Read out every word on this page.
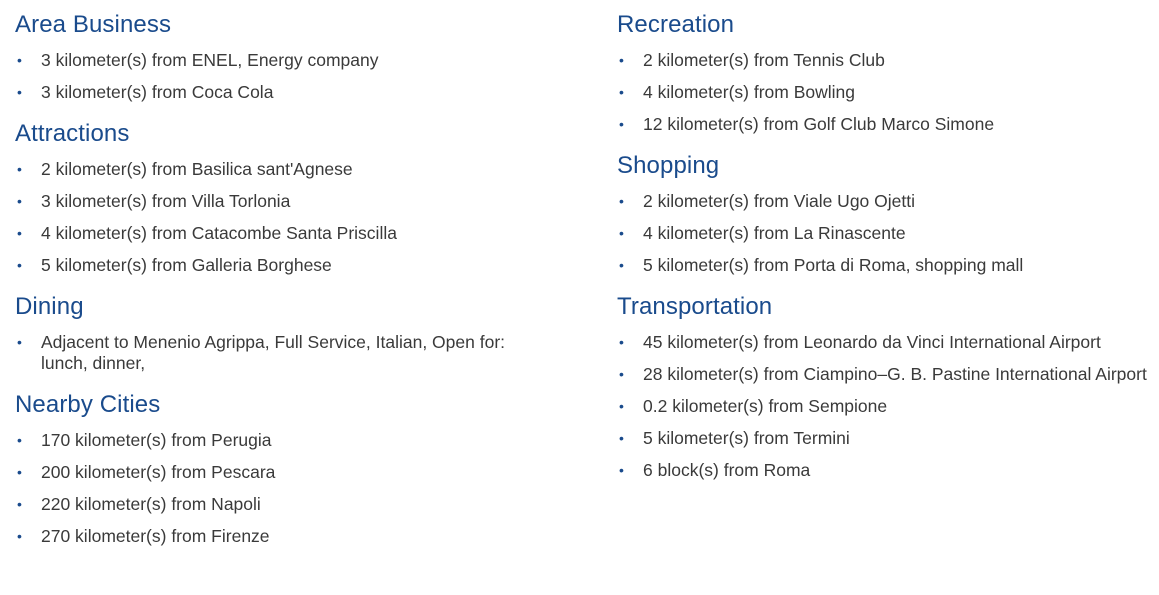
Area Business
• 3 kilometer(s) from ENEL, Energy company
• 3 kilometer(s) from Coca Cola
Attractions
• 2 kilometer(s) from Basilica sant'Agnese
• 3 kilometer(s) from Villa Torlonia
• 4 kilometer(s) from Catacombe Santa Priscilla
• 5 kilometer(s) from Galleria Borghese
Dining
• Adjacent to Menenio Agrippa, Full Service, Italian, Open for: lunch, dinner,
Nearby Cities
• 170 kilometer(s) from Perugia
• 200 kilometer(s) from Pescara
• 220 kilometer(s) from Napoli
• 270 kilometer(s) from Firenze
Recreation
• 2 kilometer(s) from Tennis Club
• 4 kilometer(s) from Bowling
• 12 kilometer(s) from Golf Club Marco Simone
Shopping
• 2 kilometer(s) from Viale Ugo Ojetti
• 4 kilometer(s) from La Rinascente
• 5 kilometer(s) from Porta di Roma, shopping mall
Transportation
• 45 kilometer(s) from Leonardo da Vinci International Airport
• 28 kilometer(s) from Ciampino–G. B. Pastine International Airport
• 0.2 kilometer(s) from Sempione
• 5 kilometer(s) from Termini
• 6 block(s) from Roma
